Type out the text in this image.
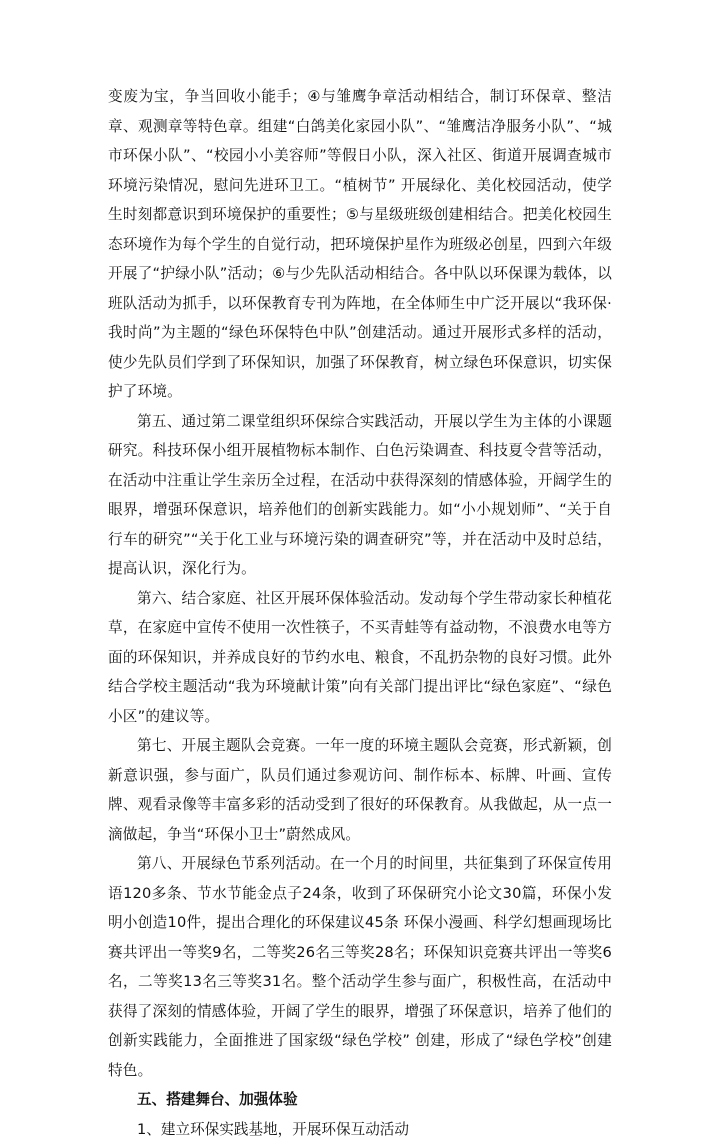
变废为宝，争当回收小能手；④与雏鹰争章活动相结合，制订环保章、整洁章、观测章等特色章。组建“白鸽美化家园小队”、“雏鹰洁净服务小队”、“城市环保小队”、“校园小小美容师”等假日小队，深入社区、街道开展调查城市环境污染情况，慰问先进环卫工。“植树节” 开展绿化、美化校园活动，使学生时刻都意识到环境保护的重要性；⑤与星级班级创建相结合。把美化校园生态环境作为每个学生的自觉行动，把环境保护星作为班级必创星，四到六年级开展了“护绿小队”活动；⑥与少先队活动相结合。各中队以环保课为载体，以班队活动为抓手，以环保教育专刊为阵地，在全体师生中广泛开展以“我环保·我时尚”为主题的“绿色环保特色中队”创建活动。通过开展形式多样的活动，使少先队员们学到了环保知识，加强了环保教育，树立绿色环保意识，切实保护了环境。

第五、通过第二课堂组织环保综合实践活动，开展以学生为主体的小课题研究。科技环保小组开展植物标本制作、白色污染调查、科技夏令营等活动，在活动中注重让学生亲历全过程，在活动中获得深刻的情感体验，开阔学生的眼界，增强环保意识，培养他们的创新实践能力。如“小小规划师”、“关于自行车的研究”“关于化工业与环境污染的调查研究”等，并在活动中及时总结，提高认识，深化行为。

第六、结合家庭、社区开展环保体验活动。发动每个学生带动家长种植花草，在家庭中宣传不使用一次性筷子，不买青蛙等有益动物，不浪费水电等方面的环保知识，并养成良好的节约水电、粮食，不乱扔杂物的良好习惯。此外结合学校主题活动“我为环境献计策”向有关部门提出评比“绿色家庭”、“绿色小区”的建议等。

第七、开展主题队会竞赛。一年一度的环境主题队会竞赛，形式新颖，创新意识强，参与面广，队员们通过参观访问、制作标本、标牌、叶画、宣传牌、观看录像等丰富多彩的活动受到了很好的环保教育。从我做起，从一点一滴做起，争当“环保小卫士”蔚然成风。

第八、开展绿色节系列活动。在一个月的时间里，共征集到了环保宣传用语120多条、节水节能金点子24条，收到了环保研究小论文30篇，环保小发明小创造10件，提出合理化的环保建议45条 环保小漫画、科学幻想画现场比赛共评出一等奖9名，二等奖26名三等奖28名；环保知识竞赛共评出一等奖6名，二等奖13名三等奖31名。整个活动学生参与面广，积极性高，在活动中获得了深刻的情感体验，开阔了学生的眼界，增强了环保意识，培养了他们的创新实践能力，全面推进了国家级“绿色学校” 创建，形成了“绿色学校”创建特色。

五、搭建舞台、加强体验

1、建立环保实践基地，开展环保互动活动
